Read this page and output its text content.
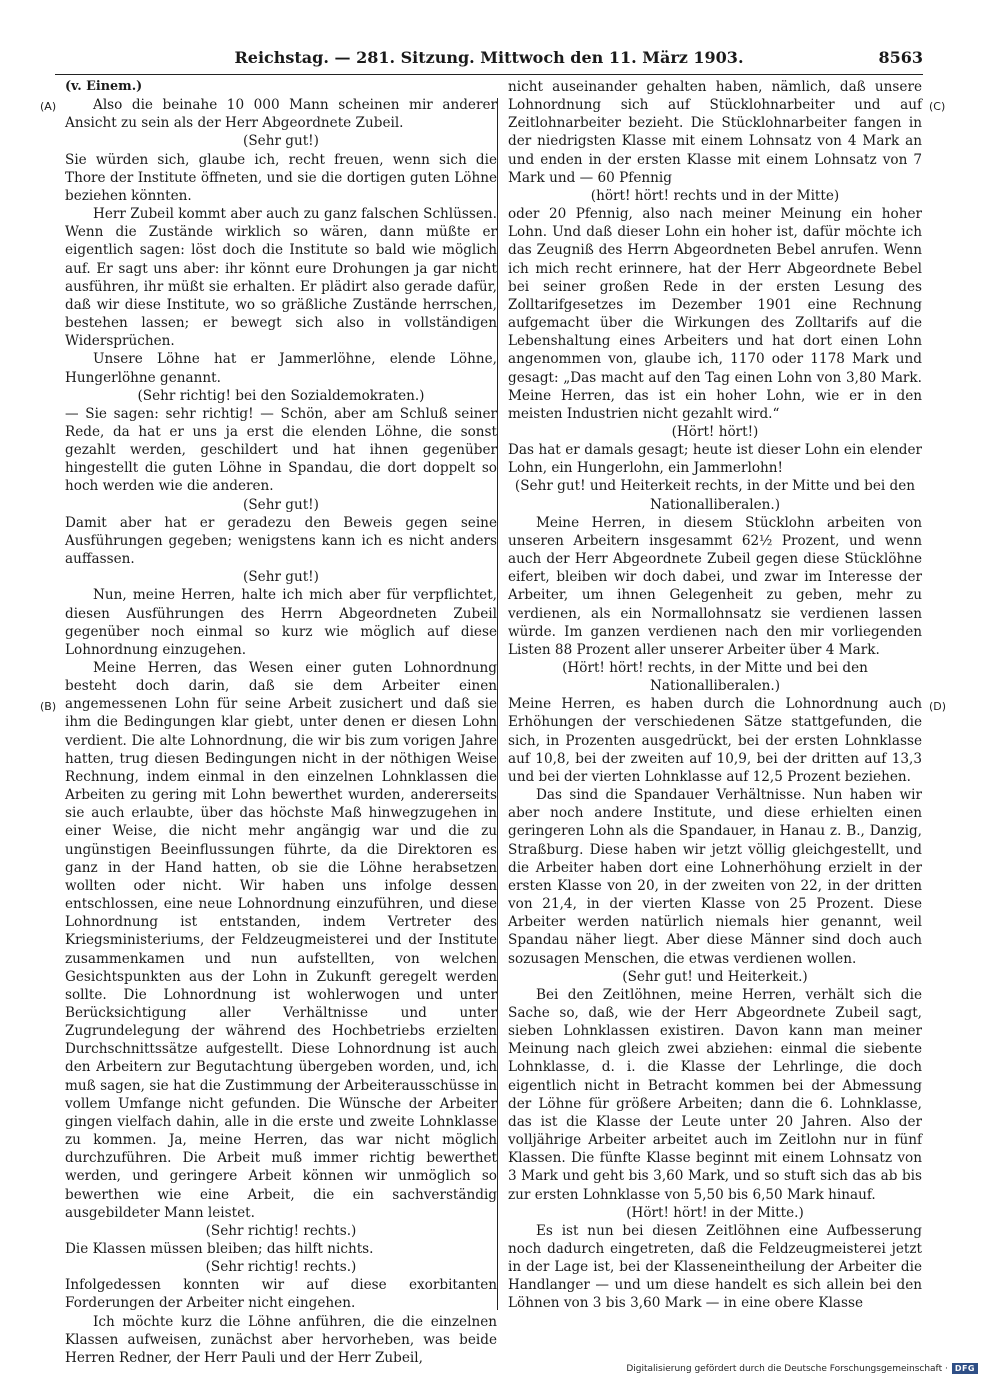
Reichstag. — 281. Sitzung. Mittwoch den 11. März 1903.	8563
(A)
(B)
(C)
(D)

(v. Einem.)

Also die beinahe 10 000 Mann scheinen mir anderer Ansicht zu sein als der Herr Abgeordnete Zubeil.

(Sehr gut!)

Sie würden sich, glaube ich, recht freuen, wenn sich die Thore der Institute öffneten, und sie die dortigen guten Löhne beziehen könnten.

Herr Zubeil kommt aber auch zu ganz falschen Schlüssen. Wenn die Zustände wirklich so wären, dann müßte er eigentlich sagen: löst doch die Institute so bald wie möglich auf. Er sagt uns aber: ihr könnt eure Drohungen ja gar nicht ausführen, ihr müßt sie erhalten. Er plädirt also gerade dafür, daß wir diese Institute, wo so gräßliche Zustände herrschen, bestehen lassen; er bewegt sich also in vollständigen Widersprüchen.

Unsere Löhne hat er Jammerlöhne, elende Löhne, Hungerlöhne genannt.

(Sehr richtig! bei den Sozialdemokraten.)

— Sie sagen: sehr richtig! — Schön, aber am Schluß seiner Rede, da hat er uns ja erst die elenden Löhne, die sonst gezahlt werden, geschildert und hat ihnen gegenüber hingestellt die guten Löhne in Spandau, die dort doppelt so hoch werden wie die anderen.

(Sehr gut!)

Damit aber hat er geradezu den Beweis gegen seine Ausführungen gegeben; wenigstens kann ich es nicht anders auffassen.

(Sehr gut!)

Nun, meine Herren, halte ich mich aber für verpflichtet, diesen Ausführungen des Herrn Abgeordneten Zubeil gegenüber noch einmal so kurz wie möglich auf diese Lohnordnung einzugehen.

Meine Herren, das Wesen einer guten Lohnordnung besteht doch darin, daß sie dem Arbeiter einen angemessenen Lohn für seine Arbeit zusichert und daß sie ihm die Bedingungen klar giebt, unter denen er diesen Lohn verdient. Die alte Lohnordnung, die wir bis zum vorigen Jahre hatten, trug diesen Bedingungen nicht in der nöthigen Weise Rechnung, indem einmal in den einzelnen Lohnklassen die Arbeiten zu gering mit Lohn bewerthet wurden, andererseits sie auch erlaubte, über das höchste Maß hinwegzugehen in einer Weise, die nicht mehr angängig war und die zu ungünstigen Beeinflussungen führte, da die Direktoren es ganz in der Hand hatten, ob sie die Löhne herabsetzen wollten oder nicht. Wir haben uns infolge dessen entschlossen, eine neue Lohnordnung einzuführen, und diese Lohnordnung ist entstanden, indem Vertreter des Kriegsministeriums, der Feldzeugmeisterei und der Institute zusammenkamen und nun aufstellten, von welchen Gesichtspunkten aus der Lohn in Zukunft geregelt werden sollte. Die Lohnordnung ist wohlerwogen und unter Berücksichtigung aller Verhältnisse und unter Zugrundelegung der während des Hochbetriebs erzielten Durchschnittssätze aufgestellt. Diese Lohnordnung ist auch den Arbeitern zur Begutachtung übergeben worden, und, ich muß sagen, sie hat die Zustimmung der Arbeiterausschüsse in vollem Umfange nicht gefunden. Die Wünsche der Arbeiter gingen vielfach dahin, alle in die erste und zweite Lohnklasse zu kommen. Ja, meine Herren, das war nicht möglich durchzuführen. Die Arbeit muß immer richtig bewerthet werden, und geringere Arbeit können wir unmöglich so bewerthen wie eine Arbeit, die ein sachverständig ausgebildeter Mann leistet.

(Sehr richtig! rechts.)

Die Klassen müssen bleiben; das hilft nichts.

(Sehr richtig! rechts.)

Infolgedessen konnten wir auf diese exorbitanten Forderungen der Arbeiter nicht eingehen.

Ich möchte kurz die Löhne anführen, die die einzelnen Klassen aufweisen, zunächst aber hervorheben, was beide Herren Redner, der Herr Pauli und der Herr Zubeil,

nicht auseinander gehalten haben, nämlich, daß unsere Lohnordnung sich auf Stücklohnarbeiter und auf Zeitlohnarbeiter bezieht. Die Stücklohnarbeiter fangen in der niedrigsten Klasse mit einem Lohnsatz von 4 Mark an und enden in der ersten Klasse mit einem Lohnsatz von 7 Mark und — 60 Pfennig

(hört! hört! rechts und in der Mitte)

oder 20 Pfennig, also nach meiner Meinung ein hoher Lohn. Und daß dieser Lohn ein hoher ist, dafür möchte ich das Zeugniß des Herrn Abgeordneten Bebel anrufen. Wenn ich mich recht erinnere, hat der Herr Abgeordnete Bebel bei seiner großen Rede in der ersten Lesung des Zolltarifgesetzes im Dezember 1901 eine Rechnung aufgemacht über die Wirkungen des Zolltarifs auf die Lebenshaltung eines Arbeiters und hat dort einen Lohn angenommen von, glaube ich, 1170 oder 1178 Mark und gesagt: „Das macht auf den Tag einen Lohn von 3,80 Mark. Meine Herren, das ist ein hoher Lohn, wie er in den meisten Industrien nicht gezahlt wird.“

(Hört! hört!)

Das hat er damals gesagt; heute ist dieser Lohn ein elender Lohn, ein Hungerlohn, ein Jammerlohn!

(Sehr gut! und Heiterkeit rechts, in der Mitte und bei den Nationalliberalen.)

Meine Herren, in diesem Stücklohn arbeiten von unseren Arbeitern insgesammt 62½ Prozent, und wenn auch der Herr Abgeordnete Zubeil gegen diese Stücklöhne eifert, bleiben wir doch dabei, und zwar im Interesse der Arbeiter, um ihnen Gelegenheit zu geben, mehr zu verdienen, als ein Normallohnsatz sie verdienen lassen würde. Im ganzen verdienen nach den mir vorliegenden Listen 88 Prozent aller unserer Arbeiter über 4 Mark.

(Hört! hört! rechts, in der Mitte und bei den Nationalliberalen.)

Meine Herren, es haben durch die Lohnordnung auch Erhöhungen der verschiedenen Sätze stattgefunden, die sich, in Prozenten ausgedrückt, bei der ersten Lohnklasse auf 10,8, bei der zweiten auf 10,9, bei der dritten auf 13,3 und bei der vierten Lohnklasse auf 12,5 Prozent beziehen.

Das sind die Spandauer Verhältnisse. Nun haben wir aber noch andere Institute, und diese erhielten einen geringeren Lohn als die Spandauer, in Hanau z. B., Danzig, Straßburg. Diese haben wir jetzt völlig gleichgestellt, und die Arbeiter haben dort eine Lohnerhöhung erzielt in der ersten Klasse von 20, in der zweiten von 22, in der dritten von 21,4, in der vierten Klasse von 25 Prozent. Diese Arbeiter werden natürlich niemals hier genannt, weil Spandau näher liegt. Aber diese Männer sind doch auch sozusagen Menschen, die etwas verdienen wollen.

(Sehr gut! und Heiterkeit.)

Bei den Zeitlöhnen, meine Herren, verhält sich die Sache so, daß, wie der Herr Abgeordnete Zubeil sagt, sieben Lohnklassen existiren. Davon kann man meiner Meinung nach gleich zwei abziehen: einmal die siebente Lohnklasse, d. i. die Klasse der Lehrlinge, die doch eigentlich nicht in Betracht kommen bei der Abmessung der Löhne für größere Arbeiten; dann die 6. Lohnklasse, das ist die Klasse der Leute unter 20 Jahren. Also der volljährige Arbeiter arbeitet auch im Zeitlohn nur in fünf Klassen. Die fünfte Klasse beginnt mit einem Lohnsatz von 3 Mark und geht bis 3,60 Mark, und so stuft sich das ab bis zur ersten Lohnklasse von 5,50 bis 6,50 Mark hinauf.

(Hört! hört! in der Mitte.)

Es ist nun bei diesen Zeitlöhnen eine Aufbesserung noch dadurch eingetreten, daß die Feldzeugmeisterei jetzt in der Lage ist, bei der Klasseneintheilung der Arbeiter die Handlanger — und um diese handelt es sich allein bei den Löhnen von 3 bis 3,60 Mark — in eine obere Klasse

Digitalisierung gefördert durch die Deutsche Forschungsgemeinschaft · DFG
